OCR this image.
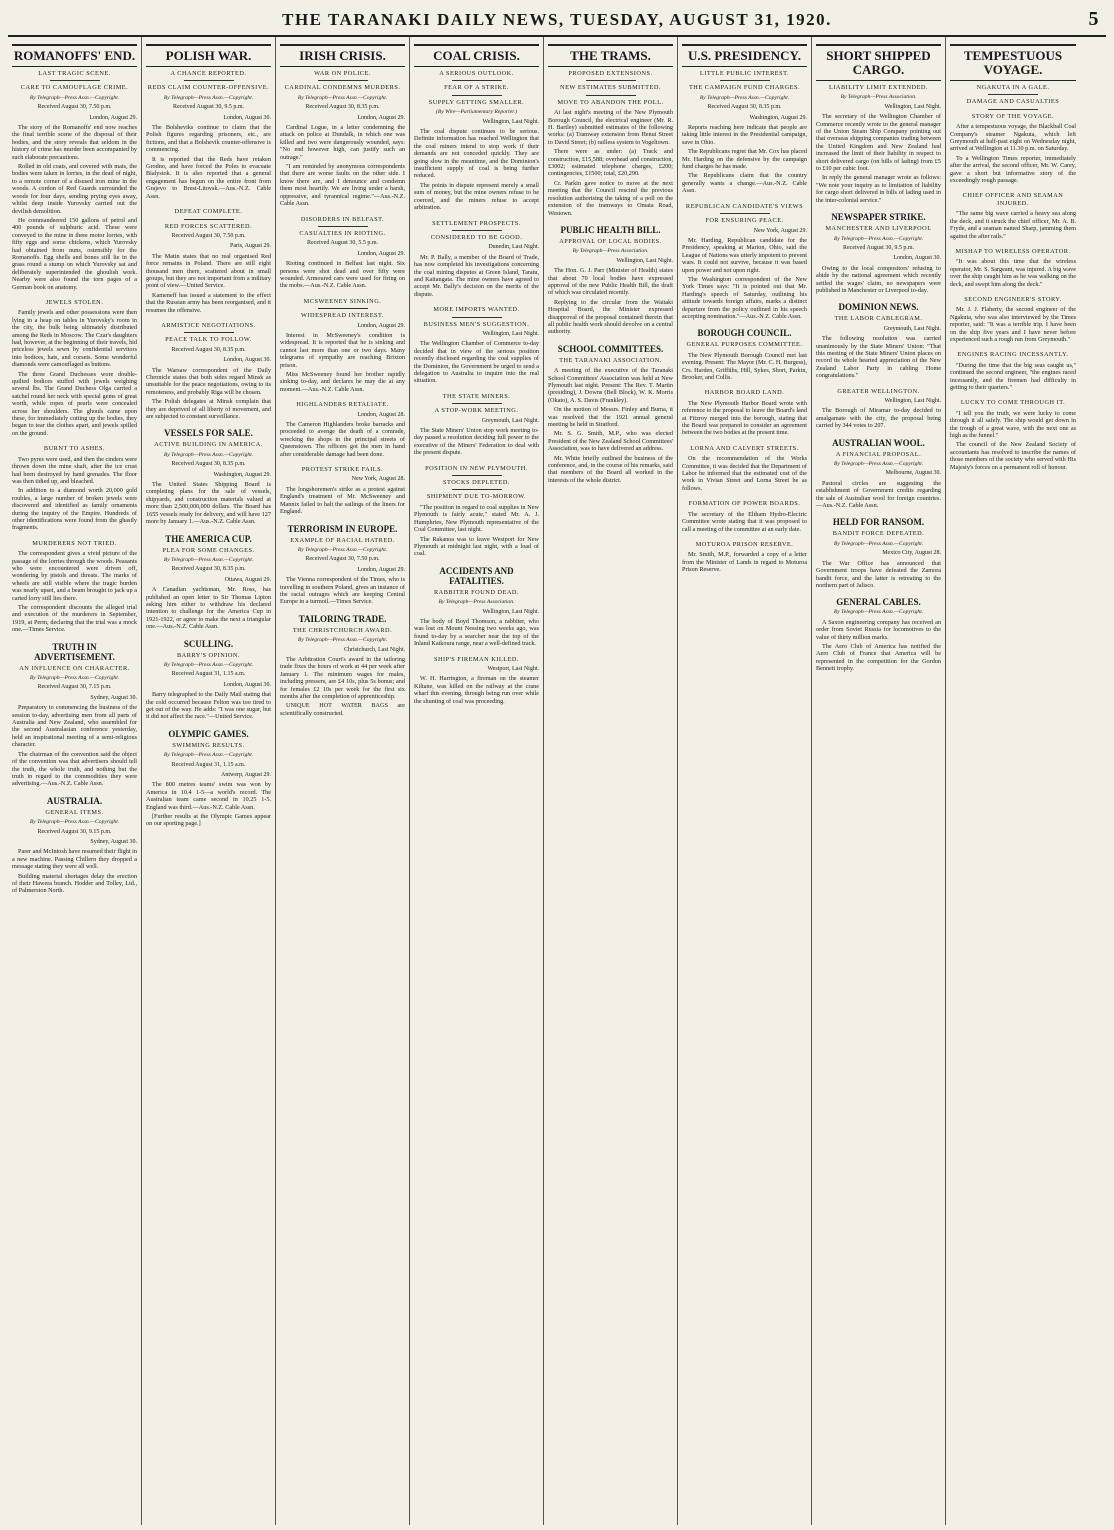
THE TARANAKI DAILY NEWS, TUESDAY, AUGUST 31, 1920.	5
ROMANOFFS' END.
LAST TRAGIC SCENE.
CARE TO CAMOUFLAGE CRIME.
By Telegraph—Press Assn.—Copyright.
Received August 30, 7.50 p.m.
London, August 29.

The story of the Romanoffs' end now reaches the final terrible scene of the disposal of their bodies, and the story reveals that seldom in the history of crime has murder been accompanied by such elaborate precautions.

Rolled in old coats, and covered with mats, the bodies were taken in lorries, in the dead of night, to a remote corner of a disused iron mine in the woods. A cordon of Red Guards surrounded the woods for four days, sending prying eyes away, whilst deep inside Yurovsky carried out the devilish demolition.

He commandeered 150 gallons of petrol and 400 pounds of sulphuric acid. These were conveyed to the mine in three motor lorries, with fifty eggs and some chickens, which Yurovsky had obtained from nuns, ostensibly for the Romanoffs. Egg shells and bones still lie in the grass round a stump on which Yurovsky sat and deliberately superintended the ghoulish work. Nearby were also found the torn pages of a German book on anatomy.

JEWELS STOLEN.

Family jewels and other possessions were then lying in a heap on tables in Yurovsky's room in the city, the bulk being ultimately distributed among the Reds in Moscow. The Czar's daughters had, however, at the beginning of their travels, hid priceless jewels sewn by confidential servitors into bodices, hats, and corsets. Some wonderful diamonds were camouflaged as buttons.

The three Grand Duchesses wore double-quilted bodices stuffed with jewels weighing several lbs. The Grand Duchess Olga carried a satchel round her neck with special gems of great worth, while ropes of pearls were concealed across her shoulders. The ghouls came upon these, for immediately cutting up the bodies, they began to tear the clothes apart, and jewels spilled on the ground.

BURNT TO ASHES.

Two pyres were used, and then the cinders were thrown down the mine shaft, after the ice crust had been destroyed by hand grenades. The floor was then tidied up, and bleached.

In addition to a diamond worth 20,000 gold roubles, a large number of broken jewels were discovered and identified as family ornaments during the inquiry of the Empire. Hundreds of other identifications were found from the ghastly fragments.

MURDERERS NOT TRIED.

The correspondent gives a vivid picture of the passage of the lorries through the woods. Peasants who were encountered were driven off, wondering by pistols and threats. The marks of wheels are still visible where the tragic burden was nearly upset, and a beam brought to jack up a carted lorry still lies there.

The correspondent discounts the alleged trial and execution of the murderers in September, 1919, at Perm, declaring that the trial was a mock one.—Times Service.

TRUTH IN ADVERTISEMENT.
AN INFLUENCE ON CHARACTER.
By Telegraph—Press Assn.—Copyright.
Received August 30, 7.15 p.m.
Sydney, August 30.

Preparatory to commencing the business of the session to-day, advertising men from all parts of Australia and New Zealand, who assembled for the second Australasian conference yesterday, held an inspirational meeting of a semi-religious character.

The chairman of the convention said the object of the convention was that advertisers should tell the truth, the whole truth, and nothing but the truth in regard to the commodities they were advertising.—Aus.-N.Z. Cable Assn.

AUSTRALIA.
GENERAL ITEMS.
By Telegraph—Press Assn.—Copyright.
Received August 30, 9.15 p.m.
Sydney, August 30.

Parer and McIntosh have resumed their flight in a new machine. Passing Chillern they dropped a message stating they were all well.

Building material shortages delay the erection of their Hawera branch. Hodder and Tolley, Ltd., of Palmerston North.

POLISH WAR.
A CHANCE REPORTED.
REDS CLAIM COUNTER-OFFENSIVE.
By Telegraph—Press Assn.—Copyright.
Received August 30, 9.5 p.m.
London, August 30.

The Bolsheviks continue to claim that the Polish figures regarding prisoners, etc., are fictions, and that a Bolshevik counter-offensive is commencing.

It is reported that the Reds have retaken Grodno, and have forced the Poles to evacuate Bialystok. It is also reported that a general engagement has begun on the entire front from Grajevo to Brest-Litovsk.—Aus.-N.Z. Cable Assn.

DEFEAT COMPLETE.
RED FORCES SCATTERED.
Received August 30, 7.50 p.m.
Paris, August 29.

The Matin states that no real organised Red force remains in Poland. There are still eight thousand men there, scattered about in small groups, but they are not important from a military point of view.—United Service.

Kameneff has issued a statement to the effect that the Russian army has been reorganised, and it resumes the offensive.

ARMISTICE NEGOTIATIONS.
PEACE TALK TO FOLLOW.
Received August 30, 8.35 p.m.
London, August 30.

The Warsaw correspondent of the Daily Chronicle states that both sides regard Minsk as unsuitable for the peace negotiations, owing to its remoteness, and probably Riga will be chosen.

The Polish delegates at Minsk complain that they are deprived of all liberty of movement, and are subjected to constant surveillance.

VESSELS FOR SALE.
ACTIVE BUILDING IN AMERICA.
By Telegraph—Press Assn.—Copyright.
Received August 30, 8.35 p.m.
Washington, August 29.

The United States Shipping Board is completing plans for the sale of vessels, shipyards, and construction materials valued at more than 2,500,000,000 dollars. The Board has 1655 vessels ready for delivery, and will have 127 more by January 1.—Aus.-N.Z. Cable Assn.

THE AMERICA CUP.
PLEA FOR SOME CHANGES.
By Telegraph—Press Assn.—Copyright.
Received August 30, 8.35 p.m.
Ottawa, August 29.

A Canadian yachtsman, Mr. Ross, has published an open letter to Sir Thomas Lipton asking him either to withdraw his declared intention to challenge for the America Cup in 1921-1922, or agree to make the next a triangular one.—Aus.-N.Z. Cable Assn.

SCULLING.
BARRY'S OPINION.
By Telegraph—Press Assn.—Copyright.
Received August 31, 1.15 a.m.
London, August 30.

Barry telegraphed to the Daily Mail stating that the cold occurred because Felton was too tired to get out of the way. He adds: "I was one sugar, but it did not affect the race."—United Service.

OLYMPIC GAMES.
SWIMMING RESULTS.
By Telegraph—Press Assn.—Copyright.
Received August 31, 1.15 a.m.
Antwerp, August 29.

The 800 metres teams' swim was won by America in 10.4 1-5—a world's record. The Australian team came second in 10.25 1-5. England was third.—Aus.-N.Z. Cable Assn.

[Further results at the Olympic Games appear on our sporting page.]

IRISH CRISIS.
WAR ON POLICE.
CARDINAL CONDEMNS MURDERS.
By Telegraph—Press Assn.—Copyright.
Received August 30, 8.35 p.m.
London, August 29.

Cardinal Logue, in a letter condemning the attack on police at Dundalk, in which one was killed and two were dangerously wounded, says: "No end however high, can justify such an outrage."

"I am reminded by anonymous correspondents that there are worse faults on the other side. I know there are, and I denounce and condemn them most heartily. We are living under a harsh, oppressive, and tyrannical regime."—Aus.-N.Z. Cable Assn.

DISORDERS IN BELFAST.
CASUALTIES IN RIOTING.
Received August 30, 5.5 p.m.
London, August 29.

Rioting continued in Belfast last night. Six persons were shot dead and over fifty were wounded. Armoured cars were used for firing on the mobs.—Aus.-N.Z. Cable Assn.

MCSWEENEY SINKING.
WIDESPREAD INTEREST.
London, August 29.

Interest in McSweeney's condition is widespread. It is reported that he is sinking and cannot last more than one or two days. Many telegrams of sympathy are reaching Brixton prison.

Miss McSweeney found her brother rapidly sinking to-day, and declares he may die at any moment.—Aus.-N.Z. Cable Assn.

HIGHLANDERS RETALIATE.
London, August 28.

The Cameron Highlanders broke barracks and proceeded to avenge the death of a comrade, wrecking the shops in the principal streets of Queenstown. The officers got the men in hand after considerable damage had been done.

PROTEST STRIKE FAILS.
New York, August 28.

The longshoremen's strike as a protest against England's treatment of Mr. McSweeney and Mannix failed to halt the sailings of the liners for England.

TERRORISM IN EUROPE.
EXAMPLE OF RACIAL HATRED.
By Telegraph—Press Assn.—Copyright.
Received August 30, 7.50 p.m.
London, August 29.

The Vienna correspondent of the Times, who is travelling in southern Poland, gives an instance of the racial outrages which are keeping Central Europe in a turmoil.—Times Service.

TAILORING TRADE.
THE CHRISTCHURCH AWARD.
By Telegraph—Press Assn.—Copyright.
Christchurch, Last Night.

The Arbitration Court's award in the tailoring trade fixes the hours of work at 44 per week after January 1. The minimum wages for males, including pressers, are £4 10s, plus 5s bonus; and for females £2 10s per week for the first six months after the completion of apprenticeship.

UNIQUE HOT WATER BAGS are scientifically constructed.

COAL CRISIS.
A SERIOUS OUTLOOK.
FEAR OF A STRIKE.
SUPPLY GETTING SMALLER.
(By Wire—Parliamentary Reporter.)
Wellington, Last Night.

The coal dispute continues to be serious. Definite information has reached Wellington that the coal miners intend to stop work if their demands are not conceded quickly. They are going slow in the meantime, and the Dominion's insufficient supply of coal is being further reduced.

The points in dispute represent merely a small sum of money, but the mine owners refuse to be coerced, and the miners refuse to accept arbitration.

SETTLEMENT PROSPECTS.
CONSIDERED TO BE GOOD.
Dunedin, Last Night.

Mr. P. Bally, a member of the Board of Trade, has now completed his investigations concerning the coal mining disputes at Green Island, Taratu, and Kaitangata. The mine owners have agreed to accept Mr. Bally's decision on the merits of the dispute.

MORE IMPORTS WANTED.
BUSINESS MEN'S SUGGESTION.
Wellington, Last Night.

The Wellington Chamber of Commerce to-day decided that in view of the serious position recently disclosed regarding the coal supplies of the Dominion, the Government be urged to send a delegation to Australia to inquire into the real situation.

THE STATE MINERS.
A STOP-WORK MEETING.
Greymouth, Last Night.

The State Miners' Union stop work meeting to-day passed a resolution deciding full power to the executive of the Miners' Federation to deal with the present dispute.

POSITION IN NEW PLYMOUTH.
STOCKS DEPLETED.
SHIPMENT DUE TO-MORROW.

"The position in regard to coal supplies in New Plymouth is fairly acute," stated Mr. A. J. Humphries, New Plymouth representative of the Coal Committee, last night.

The Rakanoa was to leave Westport for New Plymouth at midnight last night, with a load of coal.

ACCIDENTS AND FATALITIES.
RABBITER FOUND DEAD.
By Telegraph—Press Association.
Wellington, Last Night.

The body of Boyd Thomson, a rabbiter, who was lost on Mount Nessing two weeks ago, was found to-day by a searcher near the top of the Inland Kaikoura range, near a well-defined track.

SHIP'S FIREMAN KILLED.
Westport, Last Night.

W. H. Harrington, a fireman on the steamer Kiltane, was killed on the railway at the crane wharf this evening, through being run over while the shunting of coal was proceeding.

THE TRAMS.
PROPOSED EXTENSIONS.
NEW ESTIMATES SUBMITTED.
MOVE TO ABANDON THE POLL.

At last night's meeting of the New Plymouth Borough Council, the electrical engineer (Mr. R. H. Bartley) submitted estimates of the following works: (a) Tramway extension from Henui Street to David Street; (b) railless system to Vogeltown.

There were as under: (a) Track and construction, £15,588; overhead and construction, £3002; estimated telephone charges, £200; contingencies, £1500; total, £20,290.

Cr. Parkin gave notice to move at the next meeting that the Council rescind the previous resolution authorising the taking of a poll on the extension of the tramways to Omata Road, Westown.

PUBLIC HEALTH BILL.
APPROVAL OF LOCAL BODIES.
By Telegraph—Press Association.
Wellington, Last Night.

The Hon. G. J. Parr (Minister of Health) states that about 70 local bodies have expressed approval of the new Public Health Bill, the draft of which was circulated recently.

Replying to the circular from the Waitaki Hospital Board, the Minister expressed disapproval of the proposal contained therein that all public health work should devolve on a central authority.

SCHOOL COMMITTEES.
THE TARANAKI ASSOCIATION.

A meeting of the executive of the Taranaki School Committees' Association was held at New Plymouth last night. Present: The Rev. T. Martin (presiding), J. Downs (Bell Block), W. K. Morris (Okato), A. S. Davis (Frankley).

On the motion of Messrs. Finley and Burna, it was resolved that the 1921 annual general meeting be held in Stratford.

Mr. S. G. Smith, M.P., who was elected President of the New Zealand School Committees' Association, was to have delivered an address.

Mr. White briefly outlined the business of the conference, and, in the course of his remarks, said that members of the Board all worked in the interests of the whole district.

U.S. PRESIDENCY.
LITTLE PUBLIC INTEREST.
THE CAMPAIGN FUND CHARGES.
By Telegraph—Press Assn.—Copyright.
Received August 30, 8.35 p.m.
Washington, August 29.

Reports reaching here indicate that people are taking little interest in the Presidential campaign, save in Ohio.

The Republicans regret that Mr. Cox has placed Mr. Harding on the defensive by the campaign fund charges he has made.

The Republicans claim that the country generally wants a change.—Aus.-N.Z. Cable Assn.

REPUBLICAN CANDIDATE'S VIEWS
FOR ENSURING PEACE.
New York, August 29.

Mr. Harding, Republican candidate for the Presidency, speaking at Marion, Ohio, said the League of Nations was utterly impotent to prevent wars. It could not survive, because it was based upon power and not upon right.

The Washington correspondent of the New York Times says: "It is pointed out that Mr. Harding's speech of Saturday, outlining his attitude towards foreign affairs, marks a distinct departure from the policy outlined in his speech accepting nomination."—Aus.-N.Z. Cable Assn.

BOROUGH COUNCIL.
GENERAL PURPOSES COMMITTEE.

The New Plymouth Borough Council met last evening. Present: The Mayor (Mr. C. H. Burgess), Crs. Harden, Griffiths, Hill, Sykes, Short, Parkin, Brooker, and Collis.

HARBOR BOARD LAND.

The New Plymouth Harbor Board wrote with reference to the proposal to leave the Board's land at Fitzroy merged into the borough, stating that the Board was prepared to consider an agreement between the two bodies at the present time.

LORNA AND CALVERT STREETS.

On the recommendation of the Works Committee, it was decided that the Department of Labor be informed that the estimated cost of the work in Vivian Street and Lorna Street be as follows.

FORMATION OF POWER BOARDS.

The secretary of the Eltham Hydro-Electric Committee wrote stating that it was proposed to call a meeting of the committee at an early date.

MOTUROA PRISON RESERVE.

Mr. Smith, M.P., forwarded a copy of a letter from the Minister of Lands in regard to Moturoa Prison Reserve.

SHORT SHIPPED CARGO.
LIABILITY LIMIT EXTENDED.
By Telegraph—Press Association.
Wellington, Last Night.

The secretary of the Wellington Chamber of Commerce recently wrote to the general manager of the Union Steam Ship Company pointing out that overseas shipping companies trading between the United Kingdom and New Zealand had increased the limit of their liability in respect to short delivered cargo (on bills of lading) from £5 to £10 per cubic foot.

In reply the general manager wrote as follows: "We note your inquiry as to limitation of liability for cargo short delivered in bills of lading used in the inter-colonial service."

NEWSPAPER STRIKE.
MANCHESTER AND LIVERPOOL
By Telegraph—Press Assn.—Copyright.
Received August 30, 9.5 p.m.
London, August 30.

Owing to the local compositors' refusing to abide by the national agreement which recently settled the wages' claim, no newspapers were published in Manchester or Liverpool to-day.

DOMINION NEWS.
THE LABOR CABLEGRAM.
Greymouth, Last Night.

The following resolution was carried unanimously by the State Miners' Union: "That this meeting of the State Miners' Union places on record its whole hearted appreciation of the New Zealand Labor Party in cabling Home congratulations."

GREATER WELLINGTON.
Wellington, Last Night.

The Borough of Miramar to-day decided to amalgamate with the city, the proposal being carried by 344 votes to 207.

AUSTRALIAN WOOL.
A FINANCIAL PROPOSAL.
By Telegraph—Press Assn.—Copyright.
Melbourne, August 30.

Pastoral circles are suggesting the establishment of Government credits regarding the sale of Australian wool for foreign countries.—Aus.-N.Z. Cable Assn.

HELD FOR RANSOM.
BANDIT FORCE DEFEATED.
By Telegraph—Press Assn.—Copyright.
Mexico City, August 28.

The War Office has announced that Government troops have defeated the Zamora bandit force, and the latter is retreating to the northern part of Jalisco.

GENERAL CABLES.
By Telegraph—Press Assn.—Copyright.

A Saxon engineering company has received an order from Soviet Russia for locomotives to the value of thirty million marks.

The Aero Club of America has notified the Aero Club of France that America will be represented in the competition for the Gordon Bennett trophy.

TEMPESTUOUS VOYAGE.
NGAKUTA IN A GALE.
DAMAGE AND CASUALTIES
STORY OF THE VOYAGE.

After a tempestuous voyage, the Blackball Coal Company's steamer Ngakuta, which left Greymouth at half-past eight on Wednesday night, arrived at Wellington at 11.30 p.m. on Saturday.

To a Wellington Times reporter, immediately after the arrival, the second officer, Mr. W. Carey, gave a short but informative story of the exceedingly rough passage.

CHIEF OFFICER AND SEAMAN INJURED.

"The same big wave carried a heavy sea along the deck, and it struck the chief officer, Mr. A. B. Fryde, and a seaman named Sharp, jamming them against the after rails."

MISHAP TO WIRELESS OPERATOR.

"It was about this time that the wireless operator, Mr. S. Sargeant, was injured. A big wave over the ship caught him as he was walking on the deck, and swept him along the deck."

SECOND ENGINEER'S STORY.

Mr. J. J. Flaherty, the second engineer of the Ngakuta, who was also interviewed by the Times reporter, said: "It was a terrible trip. I have been on the ship five years and I have never before experienced such a rough run from Greymouth."

ENGINES RACING INCESSANTLY.

"During the time that the big seas caught us," continued the second engineer, "the engines raced incessantly, and the firemen had difficulty in getting to their quarters."

LUCKY TO COME THROUGH IT.

"I tell you the truth, we were lucky to come through it all safely. The ship would get down in the trough of a great wave, with the next one as high as the funnel."

The council of the New Zealand Society of accountants has resolved to inscribe the names of those members of the society who served with His Majesty's forces on a permanent roll of honour.
